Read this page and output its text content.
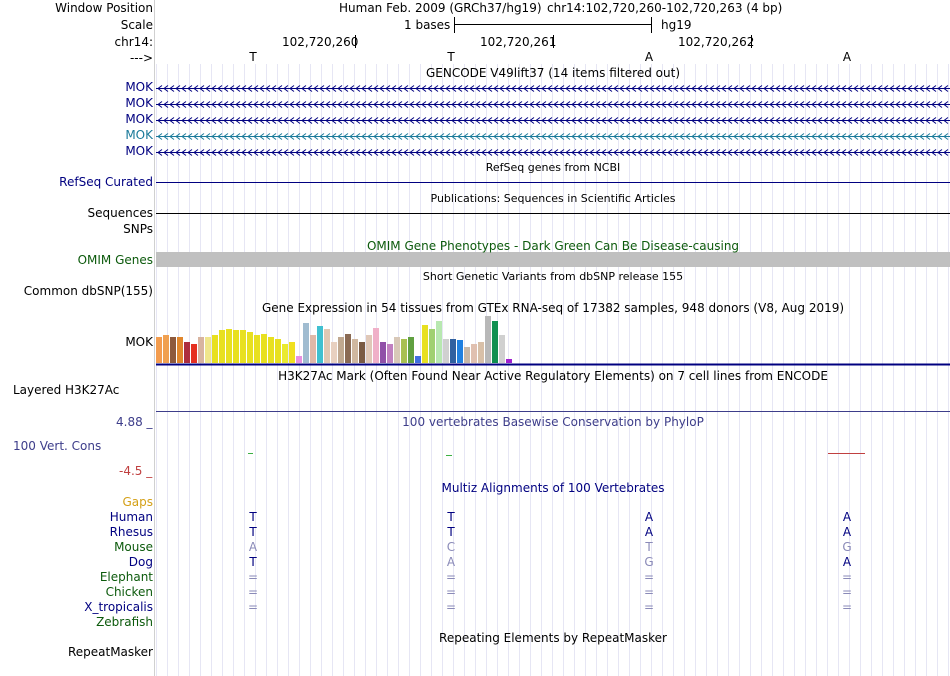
Window Position	Human Feb. 2009 (GRCh37/hg19) chr14:102,720,260-102,720,263 (4 bp)
Scale	1 bases	hg19
chr14:	102,720,260	102,720,261	102,720,262
--->	T	T	A	A
GENCODE V49lift37 (14 items filtered out)
MOK
MOK
MOK
MOK
MOK
RefSeq genes from NCBI
RefSeq Curated
Publications: Sequences in Scientific Articles
Sequences
SNPs
OMIM Gene Phenotypes - Dark Green Can Be Disease-causing
OMIM Genes
Short Genetic Variants from dbSNP release 155
Common dbSNP(155)
Gene Expression in 54 tissues from GTEx RNA-seq of 17382 samples, 948 donors (V8, Aug 2019)
MOK
H3K27Ac Mark (Often Found Near Active Regulatory Elements) on 7 cell lines from ENCODE
Layered H3K27Ac
4.88 _	100 vertebrates Basewise Conservation by PhyloP
100 Vert. Cons
-4.5 _
Gaps
Multiz Alignments of 100 Vertebrates
Human	T	T	A	A
Rhesus	T	T	A	A
Mouse	A	C	T	G
Dog	T	A	G	A
Elephant	=	=	=	=
Chicken	=	=	=	=
X_tropicalis	=	=	=	=
Zebrafish
Repeating Elements by RepeatMasker
RepeatMasker
